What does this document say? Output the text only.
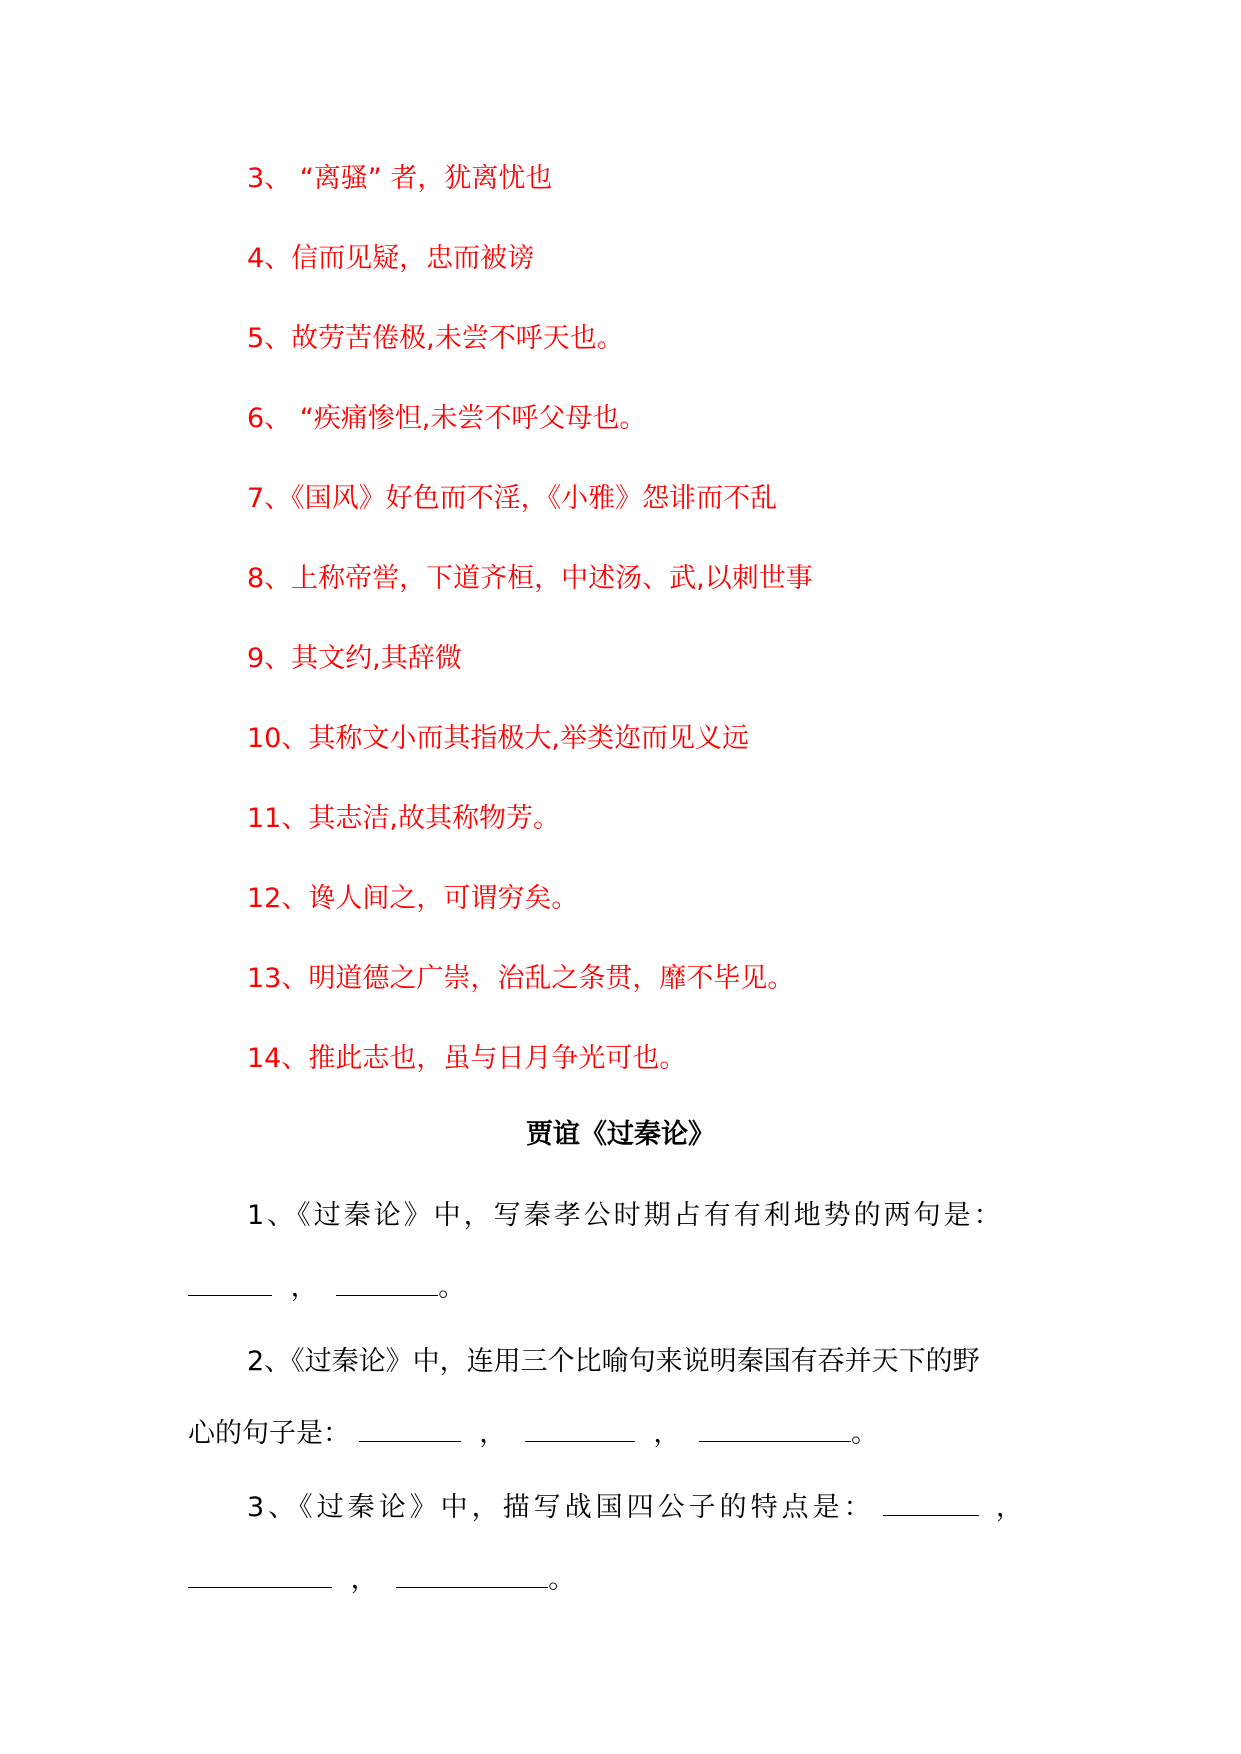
3、 “离骚” 者，犹离忧也
4、信而见疑，忠而被谤
5、故劳苦倦极,未尝不呼天也。
6、 “疾痛惨怛,未尝不呼父母也。
7、《国风》好色而不淫，《小雅》怨诽而不乱
8、上称帝喾，下道齐桓，中述汤、武,以刺世事
9、其文约,其辞微
10、其称文小而其指极大,举类迩而见义远
11、其志洁,故其称物芳。
12、谗人间之，可谓穷矣。
13、明道德之广崇，治乱之条贯，靡不毕见。
14、推此志也，虽与日月争光可也。
贾谊《过秦论》
1、《过秦论》中，写秦孝公时期占有有利地势的两句是：
，	。
2、《过秦论》中，连用三个比喻句来说明秦国有吞并天下的野
心的句子是：	，	，	。
3、《过秦论》中，描写战国四公子的特点是：	，
，	。
